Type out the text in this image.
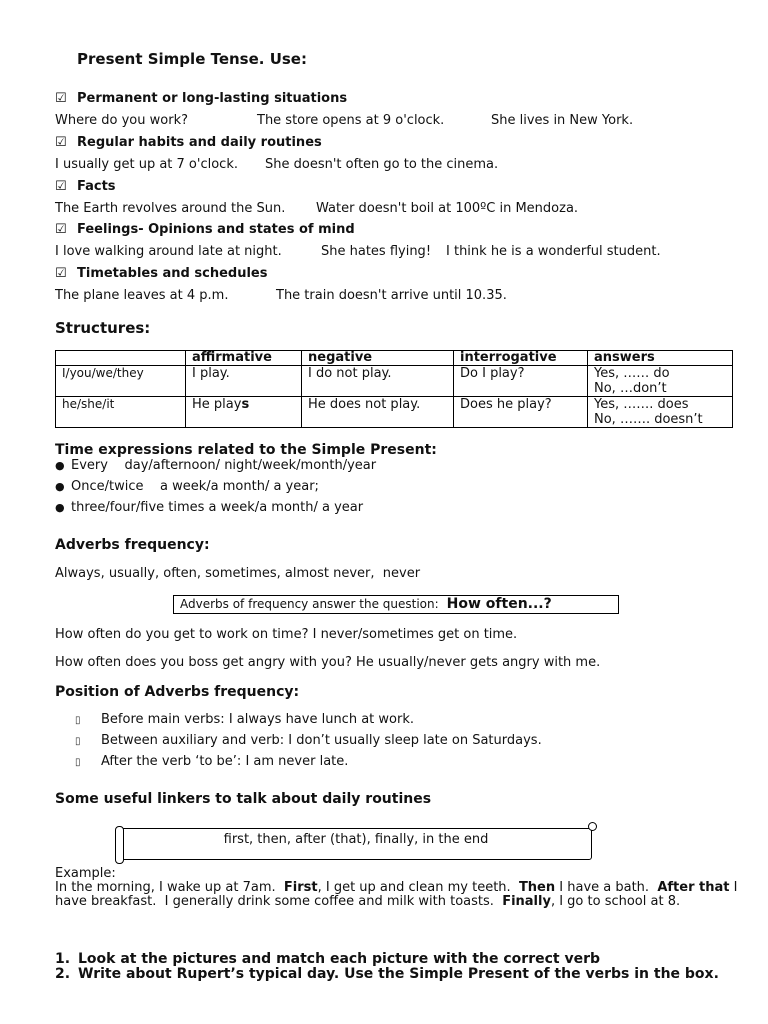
Present Simple Tense. Use:
☑ Permanent or long-lasting situations
Where do you work?	The store opens at 9 o'clock.	She lives in New York.
☑ Regular habits and daily routines
I usually get up at 7 o'clock. She doesn't often go to the cinema.
☑ Facts
The Earth revolves around the Sun. Water doesn't boil at 100ºC in Mendoza.
☑ Feelings- Opinions and states of mind
I love walking around late at night.	She hates flying! I think he is a wonderful student.
☑ Timetables and schedules
The plane leaves at 4 p.m.	The train doesn't arrive until 10.35.
Structures:
	affirmative	negative	interrogative	answers
I/you/we/they	I play.	I do not play.	Do I play?	Yes, …… do
No, …don’t

he/she/it	He plays	He does not play.	Does he play?	Yes, ……. does
No, ……. doesn’t
Time expressions related to the Simple Present:
● Every    day/afternoon/ night/week/month/year
● Once/twice    a week/a month/ a year;
● three/four/five times a week/a month/ a year
Adverbs frequency:
Always, usually, often, sometimes, almost never,  never
Adverbs of frequency answer the question: How often...?
How often do you get to work on time? I never/sometimes get on time.
How often does you boss get angry with you? He usually/never gets angry with me.
Position of Adverbs frequency:
▯ Before main verbs: I always have lunch at work.
▯ Between auxiliary and verb: I don’t usually sleep late on Saturdays.
▯ After the verb ‘to be’: I am never late.
Some useful linkers to talk about daily routines
first, then, after (that), finally, in the end
Example:
In the morning, I wake up at 7am.  First, I get up and clean my teeth.  Then I have a bath.  After that I have breakfast.  I generally drink some coffee and milk with toasts.  Finally, I go to school at 8.
1. Look at the pictures and match each picture with the correct verb
2. Write about Rupert’s typical day. Use the Simple Present of the verbs in the box.
